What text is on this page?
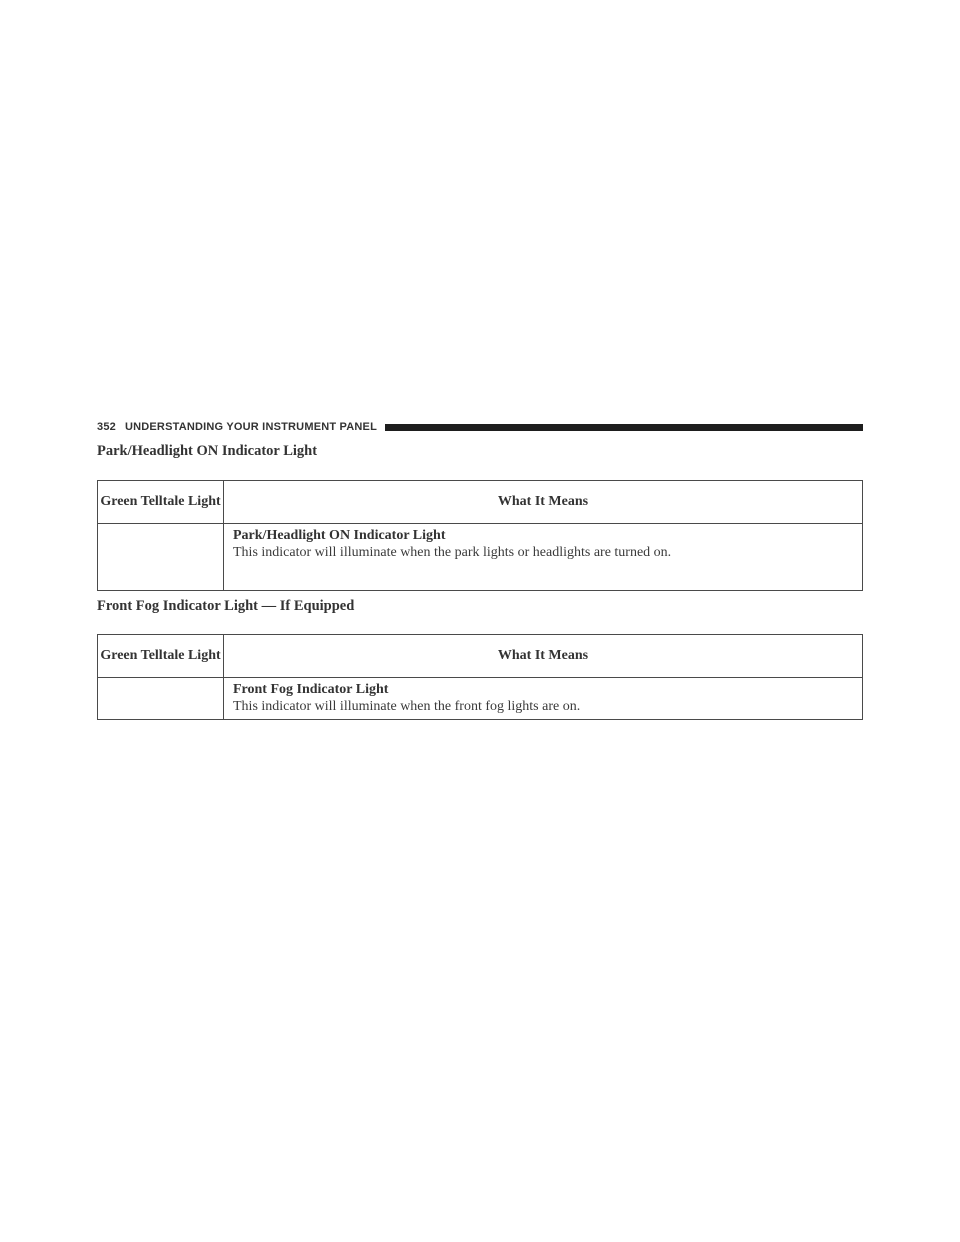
352 UNDERSTANDING YOUR INSTRUMENT PANEL
Park/Headlight ON Indicator Light
Green Telltale Light	What It Means

	Park/Headlight ON Indicator Light
This indicator will illuminate when the park lights or headlights are turned on.
Front Fog Indicator Light — If Equipped
Green Telltale Light	What It Means

	Front Fog Indicator Light
This indicator will illuminate when the front fog lights are on.
